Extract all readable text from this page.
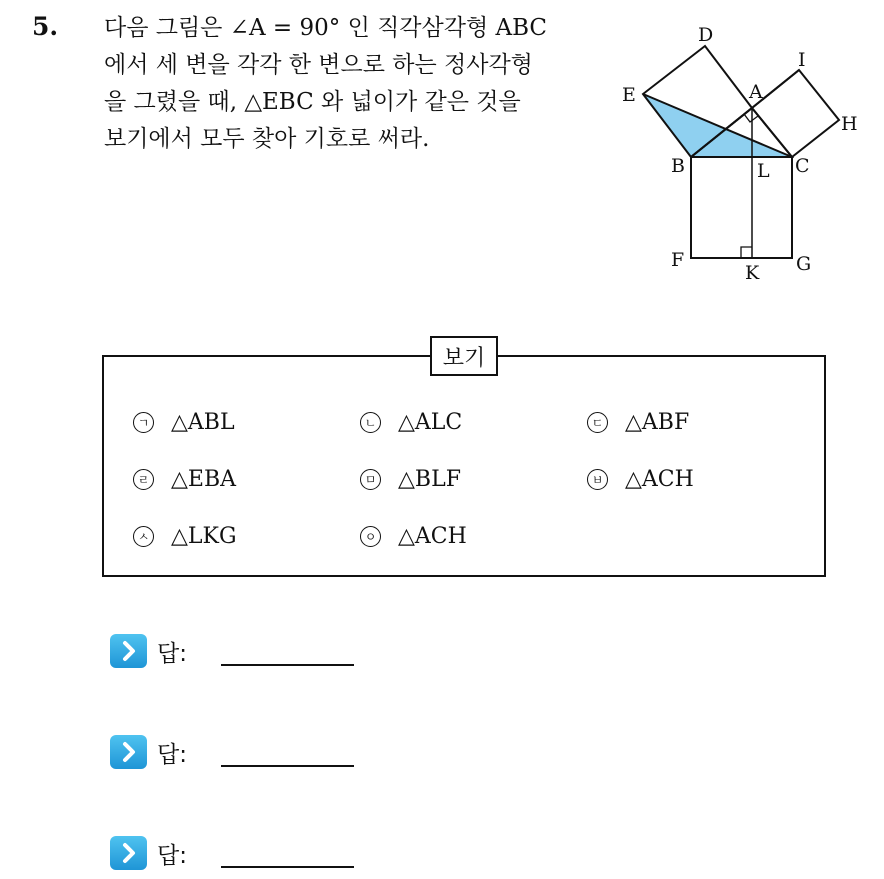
5. 다음 그림은 ∠A = 90° 인 직각삼각형 ABC
에서 세 변을 각각 한 변으로 하는 정사각형
을 그렸을 때, △EBC 와 넓이가 같은 것을
보기에서 모두 찾아 기호로 써라.

D
I
E	A
H
B	L C
F
K G
보기
ㄱ △ABL	ㄴ △ALC	ㄷ △ABF
ㄹ △EBA	ㅁ △BLF	ㅂ △ACH
ㅅ △LKG	ㅇ △ACH
답:
답:
답:
